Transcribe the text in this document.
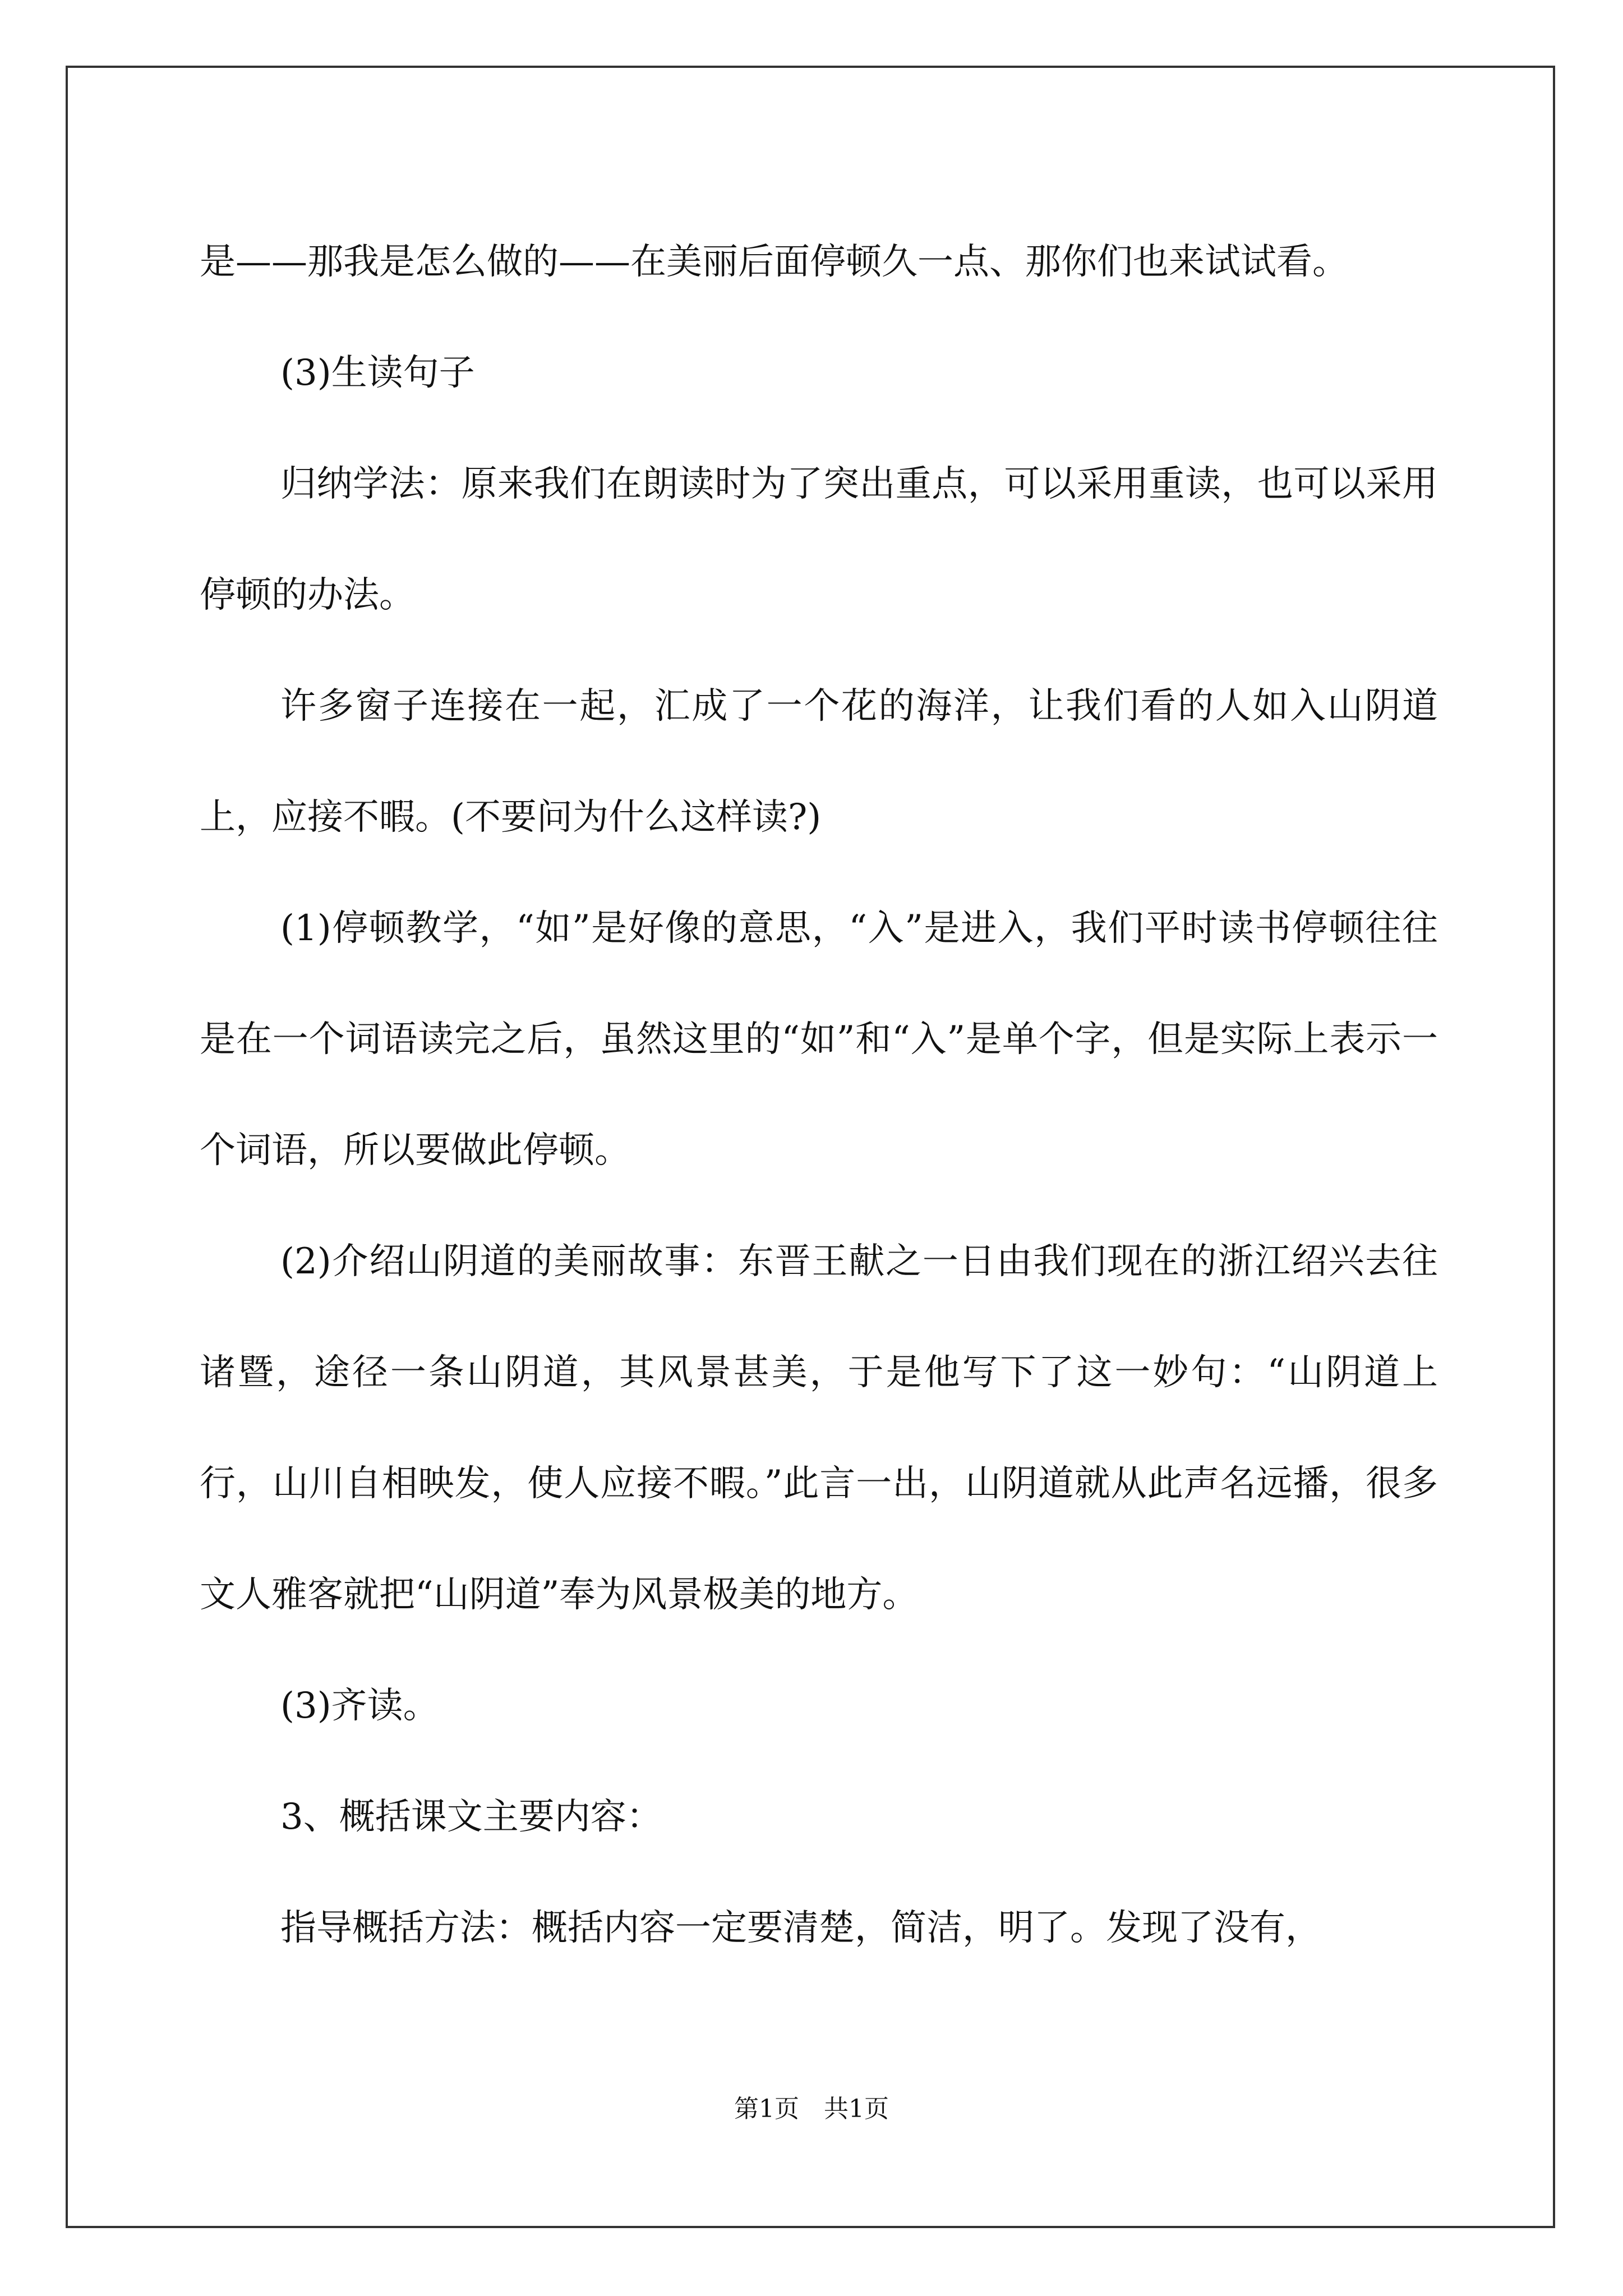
是——那我是怎么做的——在美丽后面停顿久一点、那你们也来试试看。

(3)生读句子

归纳学法：原来我们在朗读时为了突出重点，可以采用重读，也可以采用停顿的办法。

许多窗子连接在一起，汇成了一个花的海洋，让我们看的人如入山阴道上，应接不暇。(不要问为什么这样读?)

(1)停顿教学，“如”是好像的意思，“入”是进入，我们平时读书停顿往往是在一个词语读完之后，虽然这里的“如”和“入”是单个字，但是实际上表示一个词语，所以要做此停顿。

(2)介绍山阴道的美丽故事：东晋王献之一日由我们现在的浙江绍兴去往诸暨，途径一条山阴道，其风景甚美，于是他写下了这一妙句：“山阴道上行，山川自相映发，使人应接不暇。”此言一出，山阴道就从此声名远播，很多文人雅客就把“山阴道”奉为风景极美的地方。

(3)齐读。

3、概括课文主要内容：

指导概括方法：概括内容一定要清楚，简洁，明了。发现了没有，

第1页　共1页
